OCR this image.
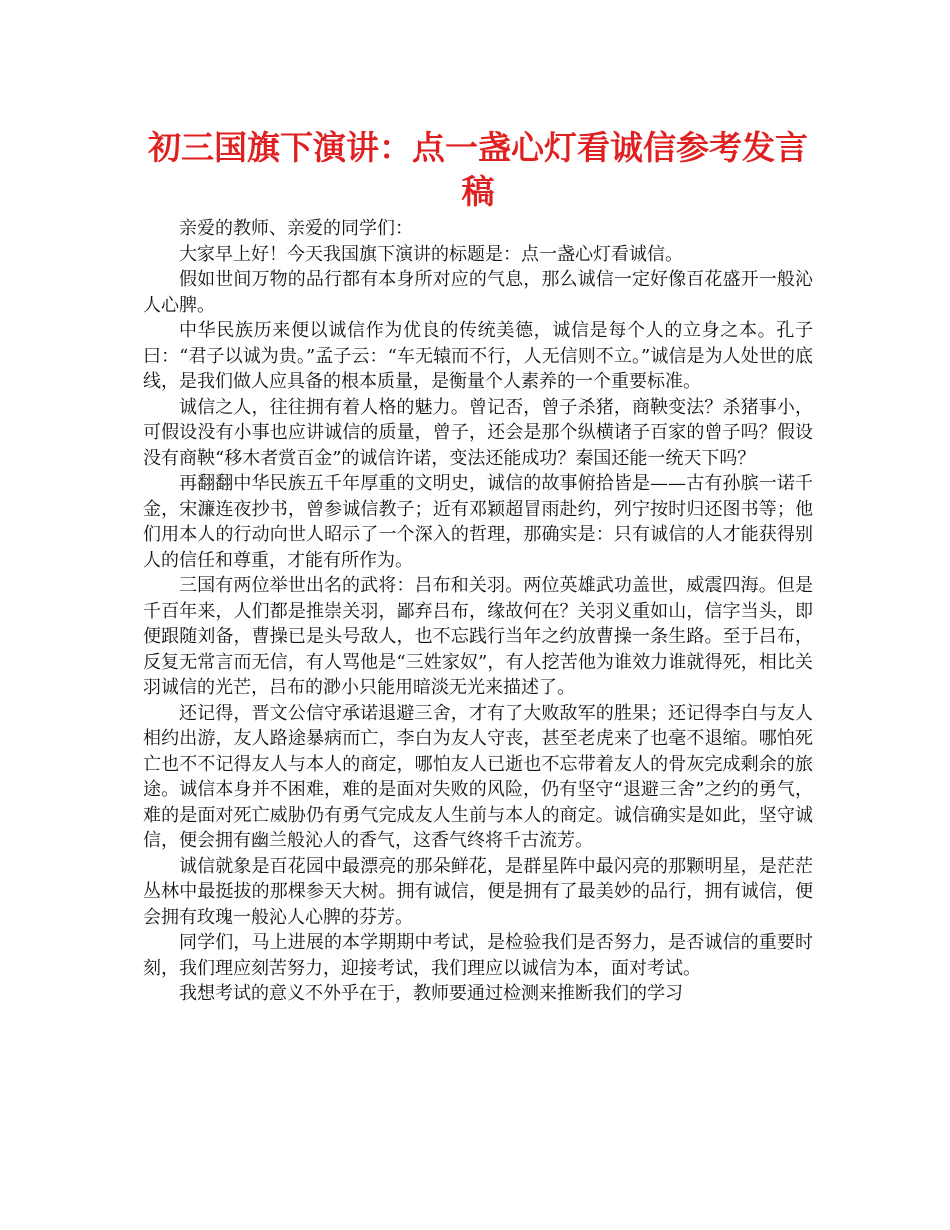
初三国旗下演讲：点一盏心灯看诚信参考发言稿

亲爱的教师、亲爱的同学们：

大家早上好！今天我国旗下演讲的标题是：点一盏心灯看诚信。

假如世间万物的品行都有本身所对应的气息，那么诚信一定好像百花盛开一般沁人心脾。

中华民族历来便以诚信作为优良的传统美德，诚信是每个人的立身之本。孔子曰：“君子以诚为贵。”孟子云：“车无辕而不行，人无信则不立。”诚信是为人处世的底线，是我们做人应具备的根本质量，是衡量个人素养的一个重要标准。

诚信之人，往往拥有着人格的魅力。曾记否，曾子杀猪，商鞅变法？杀猪事小，可假设没有小事也应讲诚信的质量，曾子，还会是那个纵横诸子百家的曾子吗？假设没有商鞅“移木者赏百金”的诚信许诺，变法还能成功？秦国还能一统天下吗？

再翻翻中华民族五千年厚重的文明史，诚信的故事俯拾皆是——古有孙膑一诺千金，宋濂连夜抄书，曾参诚信教子；近有邓颖超冒雨赴约，列宁按时归还图书等；他们用本人的行动向世人昭示了一个深入的哲理，那确实是：只有诚信的人才能获得别人的信任和尊重，才能有所作为。

三国有两位举世出名的武将：吕布和关羽。两位英雄武功盖世，威震四海。但是千百年来，人们都是推崇关羽，鄙弃吕布，缘故何在？关羽义重如山，信字当头，即便跟随刘备，曹操已是头号敌人，也不忘践行当年之约放曹操一条生路。至于吕布，反复无常言而无信，有人骂他是“三姓家奴”，有人挖苦他为谁效力谁就得死，相比关羽诚信的光芒，吕布的渺小只能用暗淡无光来描述了。

还记得，晋文公信守承诺退避三舍，才有了大败敌军的胜果；还记得李白与友人相约出游，友人路途暴病而亡，李白为友人守丧，甚至老虎来了也毫不退缩。哪怕死亡也不不记得友人与本人的商定，哪怕友人已逝也不忘带着友人的骨灰完成剩余的旅途。诚信本身并不困难，难的是面对失败的风险，仍有坚守“退避三舍”之约的勇气，难的是面对死亡威胁仍有勇气完成友人生前与本人的商定。诚信确实是如此，坚守诚信，便会拥有幽兰般沁人的香气，这香气终将千古流芳。

诚信就象是百花园中最漂亮的那朵鲜花，是群星阵中最闪亮的那颗明星，是茫茫丛林中最挺拔的那棵参天大树。拥有诚信，便是拥有了最美妙的品行，拥有诚信，便会拥有玫瑰一般沁人心脾的芬芳。

同学们，马上进展的本学期期中考试，是检验我们是否努力，是否诚信的重要时刻，我们理应刻苦努力，迎接考试，我们理应以诚信为本，面对考试。

我想考试的意义不外乎在于，教师要通过检测来推断我们的学习
